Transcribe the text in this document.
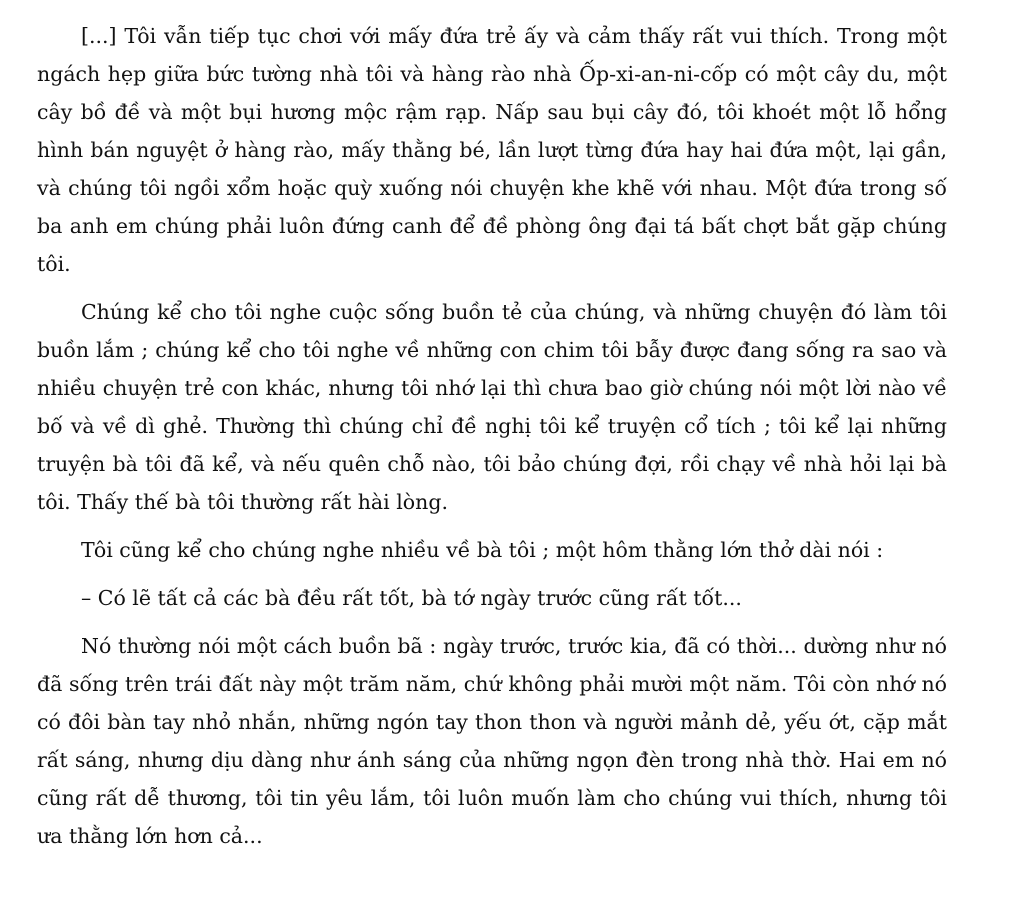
[...] Tôi vẫn tiếp tục chơi với mấy đứa trẻ ấy và cảm thấy rất vui thích. Trong một ngách hẹp giữa bức tường nhà tôi và hàng rào nhà Ốp-xi-an-ni-cốp có một cây du, một cây bồ đề và một bụi hương mộc rậm rạp. Nấp sau bụi cây đó, tôi khoét một lỗ hổng hình bán nguyệt ở hàng rào, mấy thằng bé, lần lượt từng đứa hay hai đứa một, lại gần, và chúng tôi ngồi xổm hoặc quỳ xuống nói chuyện khe khẽ với nhau. Một đứa trong số ba anh em chúng phải luôn đứng canh để đề phòng ông đại tá bất chợt bắt gặp chúng tôi.

Chúng kể cho tôi nghe cuộc sống buồn tẻ của chúng, và những chuyện đó làm tôi buồn lắm ; chúng kể cho tôi nghe về những con chim tôi bẫy được đang sống ra sao và nhiều chuyện trẻ con khác, nhưng tôi nhớ lại thì chưa bao giờ chúng nói một lời nào về bố và về dì ghẻ. Thường thì chúng chỉ đề nghị tôi kể truyện cổ tích ; tôi kể lại những truyện bà tôi đã kể, và nếu quên chỗ nào, tôi bảo chúng đợi, rồi chạy về nhà hỏi lại bà tôi. Thấy thế bà tôi thường rất hài lòng.

Tôi cũng kể cho chúng nghe nhiều về bà tôi ; một hôm thằng lớn thở dài nói :

– Có lẽ tất cả các bà đều rất tốt, bà tớ ngày trước cũng rất tốt...

Nó thường nói một cách buồn bã : ngày trước, trước kia, đã có thời... dường như nó đã sống trên trái đất này một trăm năm, chứ không phải mười một năm. Tôi còn nhớ nó có đôi bàn tay nhỏ nhắn, những ngón tay thon thon và người mảnh dẻ, yếu ớt, cặp mắt rất sáng, nhưng dịu dàng như ánh sáng của những ngọn đèn trong nhà thờ. Hai em nó cũng rất dễ thương, tôi tin yêu lắm, tôi luôn muốn làm cho chúng vui thích, nhưng tôi ưa thằng lớn hơn cả...
